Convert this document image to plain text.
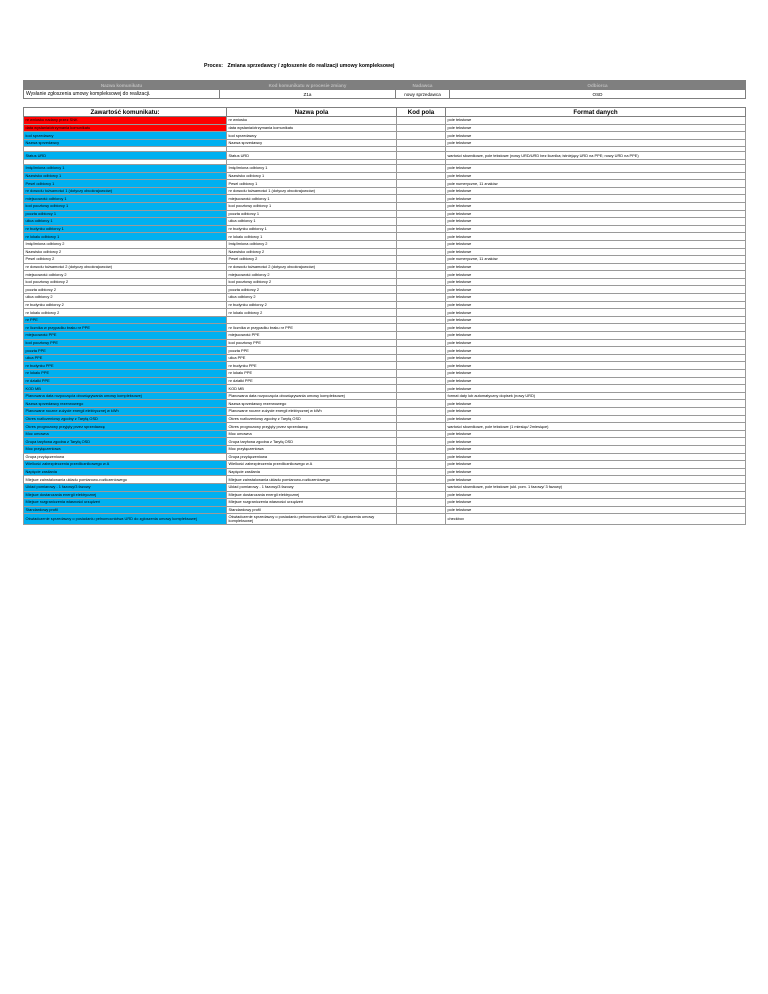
Proces: Zmiana sprzedawcy / zgłoszenie do realizacji umowy kompleksowej
Nazwa komunikatu	Kod komunikatu w procesie zmiany	Nadawca	Odbiorca
Wysłanie zgłoszenia umowy kompleksowej do realizacji.	Z1a	nowy sprzedawca	OSD
Zawartość komunikatu:	Nazwa pola	Kod pola	Format danych
nr wniosku nadany przez SNK	nr wniosku		pole tekstowe
data wysłania/otrzymania komunikatu	data wysłania/otrzymania komunikatu		pole tekstowe
kod sprzedawcy	kod sprzedawcy		pole tekstowe
Nazwa sprzedawcy	Nazwa sprzedawcy		pole tekstowe

Status URD	Status URD		wartości słownikowe, pole tekstowe (nowy URD/URD bez licznika; istniejący URD na PPE; nowy URD na PPE)

Imię/imiona odbiorcy 1	Imię/imiona odbiorcy 1		pole tekstowe
Nazwisko odbiorcy 1	Nazwisko odbiorcy 1		pole tekstowe
Pesel odbiorcy 1	Pesel odbiorcy 1		pole numeryczne, 11 znaków
nr dowodu tożsamości 1 (dotyczy obcokrajowców)	nr dowodu tożsamości 1 (dotyczy obcokrajowców)		pole tekstowe
miejscowość odbiorcy 1	miejscowość odbiorcy 1		pole tekstowe
kod pocztowy odbiorcy 1	kod pocztowy odbiorcy 1		pole tekstowe
poczta odbiorcy 1	poczta odbiorcy 1		pole tekstowe
ulica odbiorcy 1	ulica odbiorcy 1		pole tekstowe
nr budynku odbiorcy 1	nr budynku odbiorcy 1		pole tekstowe
nr lokalu odbiorcy 1	nr lokalu odbiorcy 1		pole tekstowe
Imię/imiona odbiorcy 2	Imię/imiona odbiorcy 2		pole tekstowe
Nazwisko odbiorcy 2	Nazwisko odbiorcy 2		pole tekstowe
Pesel odbiorcy 2	Pesel odbiorcy 2		pole numeryczne, 11 znaków
nr dowodu tożsamości 2 (dotyczy obcokrajowców)	nr dowodu tożsamości 2 (dotyczy obcokrajowców)		pole tekstowe
miejscowość odbiorcy 2	miejscowość odbiorcy 2		pole tekstowe
kod pocztowy odbiorcy 2	kod pocztowy odbiorcy 2		pole tekstowe
poczta odbiorcy 2	poczta odbiorcy 2		pole tekstowe
ulica odbiorcy 2	ulica odbiorcy 2		pole tekstowe
nr budynku odbiorcy 2	nr budynku odbiorcy 2		pole tekstowe
nr lokalu odbiorcy 2	nr lokalu odbiorcy 2		pole tekstowe
nr PPE			pole tekstowe
nr licznika w przypadku braku nr PPE	nr licznika w przypadku braku nr PPE		pole tekstowe
miejscowość PPE	miejscowość PPE		pole tekstowe
kod pocztowy PPE	kod pocztowy PPE		pole tekstowe
poczta PPE	poczta PPE		pole tekstowe
ulica PPE	ulica PPE		pole tekstowe
nr budynku PPE	nr budynku PPE		pole tekstowe
nr lokalu PPE	nr lokalu PPE		pole tekstowe
nr działki PPE	nr działki PPE		pole tekstowe
KOD MB	KOD MB		pole tekstowe
Planowana data rozpoczęcia obowiązywania umowy kompleksowej	Planowana data rozpoczęcia obowiązywania umowy kompleksowej		format daty lub automatyczny dopisek (nowy URD)
Nazwa sprzedawcy rezerwowego	Nazwa sprzedawcy rezerwowego		pole tekstowe
Planowane roczne zużycie energii elektrycznej w kWh	Planowane roczne zużycie energii elektrycznej w kWh		pole tekstowe
Okres rozliczeniowy zgodny z Taryfą OSD	Okres rozliczeniowy zgodny z Taryfą OSD		pole tekstowe
Okres prognozowy przyjęty przez sprzedawcę	Okres prognozowy przyjęty przez sprzedawcę		wartości słownikowe, pole tekstowe (1 miesiąc/ 2miesiące)
Moc umowna	Moc umowna		pole tekstowe
Grupa taryfowa zgodna z Taryfą OSD	Grupa taryfowa zgodna z Taryfą OSD		pole tekstowe
Moc przyłączeniowa	Moc przyłączeniowa		pole tekstowe
Grupa przyłączeniowa	Grupa przyłączeniowa		pole tekstowe
Wielkość zabezpieczenia przedlicznikowego w A	Wielkość zabezpieczenia przedlicznikowego w A		pole tekstowe
Napięcie zasilania	Napięcie zasilania		pole tekstowe
Miejsce zainstalowania układu pomiarowo-rozliczeniowego	Miejsce zainstalowania układu pomiarowo-rozliczeniowego		pole tekstowe
Układ pomiarowy - 1 fazowy/3 fazowy	Układ pomiarowy - 1 fazowy/3 fazowy		wartości słownikowe, pole tekstowe (ukł. pom. 1 fazowy/ 3 fazowy)
Miejsce dostarczania energii elektrycznej	Miejsce dostarczania energii elektrycznej		pole tekstowe
Miejsce rozgraniczenia własności urządzeń	Miejsce rozgraniczenia własności urządzeń		pole tekstowe
Standardowy profil	Standardowy profil		pole tekstowe
Oświadczenie sprzedawcy o posiadaniu pełnomocnictwa URD do zgłoszenia umowy kompleksowej	Oświadczenie sprzedawcy o posiadaniu pełnomocnictwa URD do zgłoszenia umowy kompleksowej		checkbox
